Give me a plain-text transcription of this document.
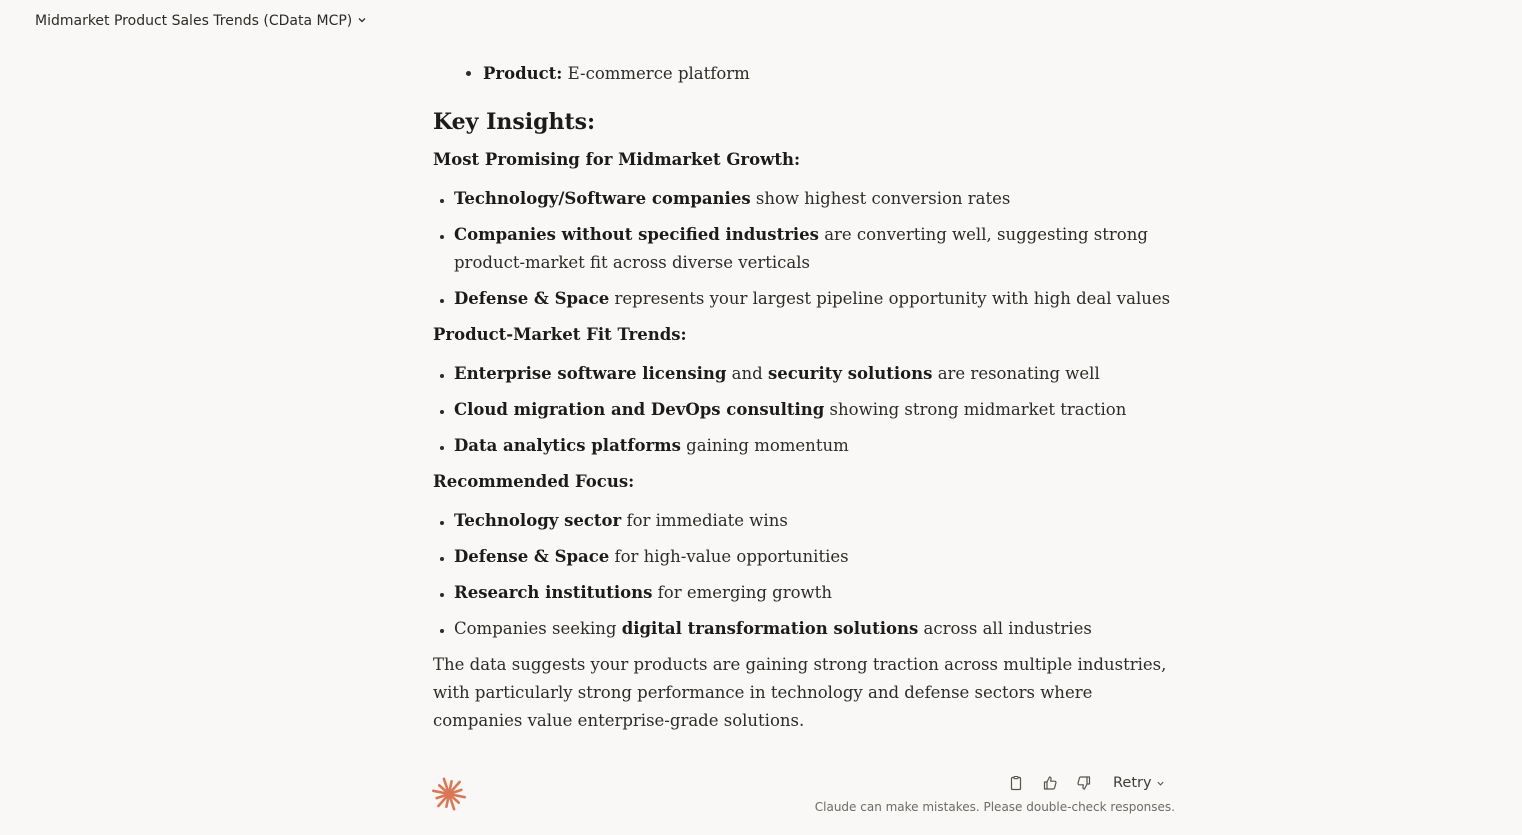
Midmarket Product Sales Trends (CData MCP)
• Product: E-commerce platform
Key Insights:

Most Promising for Midmarket Growth:

• Technology/Software companies show highest conversion rates
• Companies without specified industries are converting well, suggesting strong product-market fit across diverse verticals
• Defense & Space represents your largest pipeline opportunity with high deal values

Product-Market Fit Trends:

• Enterprise software licensing and security solutions are resonating well
• Cloud migration and DevOps consulting showing strong midmarket traction
• Data analytics platforms gaining momentum

Recommended Focus:

• Technology sector for immediate wins
• Defense & Space for high-value opportunities
• Research institutions for emerging growth
• Companies seeking digital transformation solutions across all industries

The data suggests your products are gaining strong traction across multiple industries, with particularly strong performance in technology and defense sectors where companies value enterprise-grade solutions.

Retry
Claude can make mistakes. Please double-check responses.
